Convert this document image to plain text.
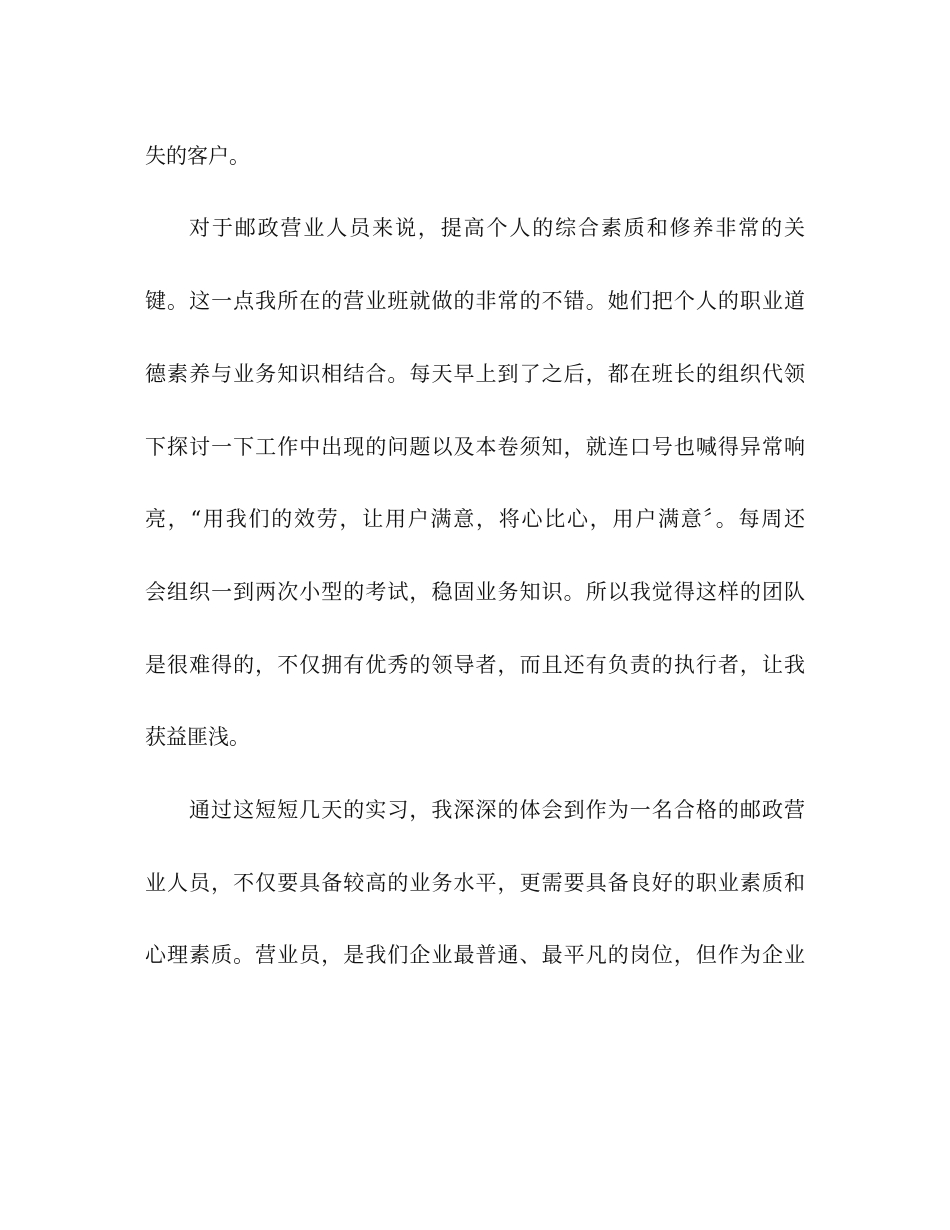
失的客户。
对于邮政营业人员来说，提高个人的综合素质和修养非常的关
键。这一点我所在的营业班就做的非常的不错。她们把个人的职业道
德素养与业务知识相结合。每天早上到了之后，都在班长的组织代领
下探讨一下工作中出现的问题以及本卷须知，就连口号也喊得异常响
亮，“用我们的效劳，让用户满意，将心比心，用户满意〞。每周还
会组织一到两次小型的考试，稳固业务知识。所以我觉得这样的团队
是很难得的，不仅拥有优秀的领导者，而且还有负责的执行者，让我
获益匪浅。
通过这短短几天的实习，我深深的体会到作为一名合格的邮政营
业人员，不仅要具备较高的业务水平，更需要具备良好的职业素质和
心理素质。营业员，是我们企业最普通、最平凡的岗位，但作为企业
